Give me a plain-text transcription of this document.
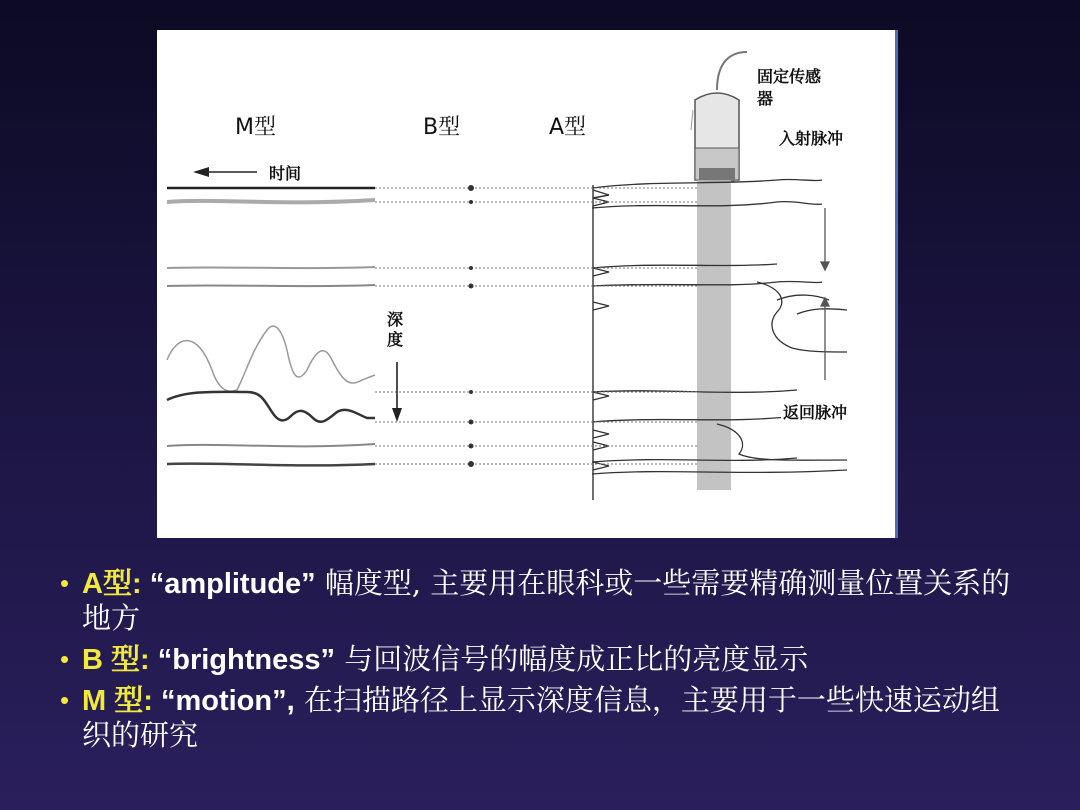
M型	B型	A型
时间
深度
固定传感器
入射脉冲
返回脉冲
• A型: “amplitude” 幅度型, 主要用在眼科或一些需要精确测量位置关系的地方
• B 型: “brightness” 与回波信号的幅度成正比的亮度显示
• M 型: “motion”, 在扫描路径上显示深度信息，主要用于一些快速运动组织的研究
